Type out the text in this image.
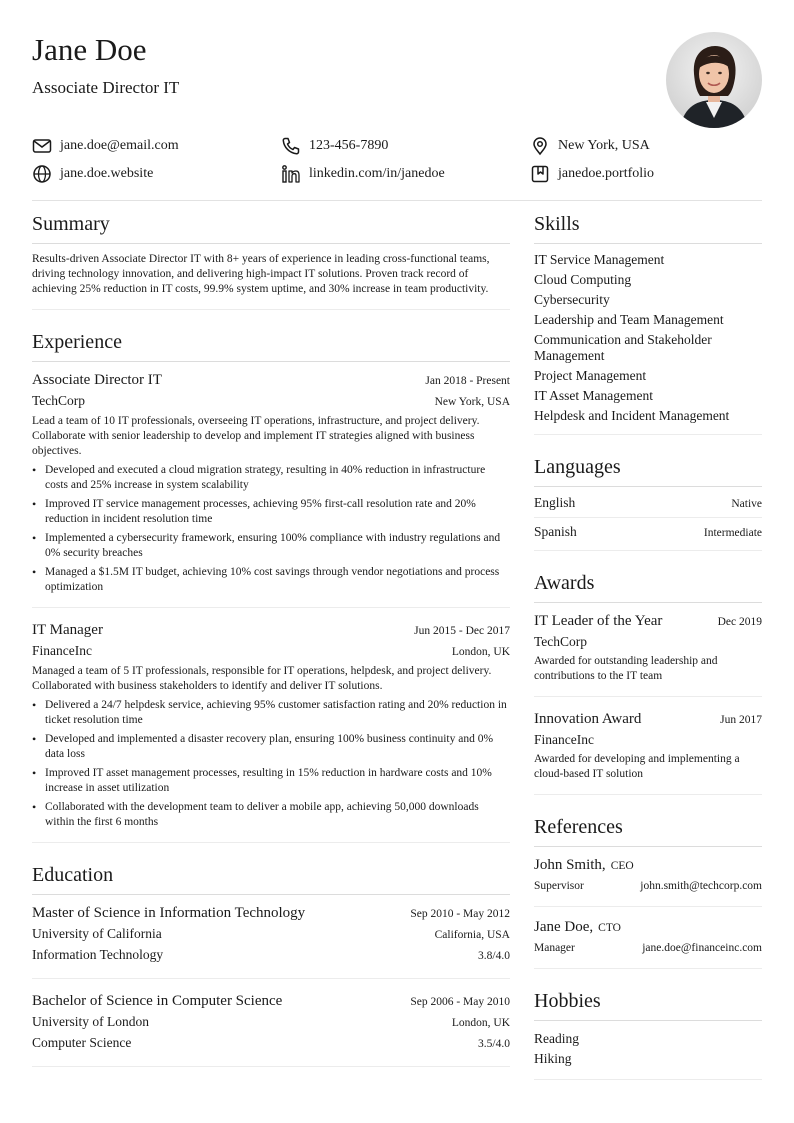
Jane Doe
Associate Director IT
jane.doe@email.com	123-456-7890	New York, USA
jane.doe.website	linkedin.com/in/janedoe	janedoe.portfolio
Summary
Results-driven Associate Director IT with 8+ years of experience in leading cross-functional teams, driving technology innovation, and delivering high-impact IT solutions. Proven track record of achieving 25% reduction in IT costs, 99.9% system uptime, and 30% increase in team productivity.
Experience
Associate Director IT	Jan 2018 - Present
TechCorp	New York, USA
Lead a team of 10 IT professionals, overseeing IT operations, infrastructure, and project delivery. Collaborate with senior leadership to develop and implement IT strategies aligned with business objectives.
• Developed and executed a cloud migration strategy, resulting in 40% reduction in infrastructure costs and 25% increase in system scalability
• Improved IT service management processes, achieving 95% first-call resolution rate and 20% reduction in incident resolution time
• Implemented a cybersecurity framework, ensuring 100% compliance with industry regulations and 0% security breaches
• Managed a $1.5M IT budget, achieving 10% cost savings through vendor negotiations and process optimization
IT Manager	Jun 2015 - Dec 2017
FinanceInc	London, UK
Managed a team of 5 IT professionals, responsible for IT operations, helpdesk, and project delivery. Collaborated with business stakeholders to identify and deliver IT solutions.
• Delivered a 24/7 helpdesk service, achieving 95% customer satisfaction rating and 20% reduction in ticket resolution time
• Developed and implemented a disaster recovery plan, ensuring 100% business continuity and 0% data loss
• Improved IT asset management processes, resulting in 15% reduction in hardware costs and 10% increase in asset utilization
• Collaborated with the development team to deliver a mobile app, achieving 50,000 downloads within the first 6 months
Education
Master of Science in Information Technology	Sep 2010 - May 2012
University of California	California, USA
Information Technology	3.8/4.0
Bachelor of Science in Computer Science	Sep 2006 - May 2010
University of London	London, UK
Computer Science	3.5/4.0
Skills
IT Service Management
Cloud Computing
Cybersecurity
Leadership and Team Management
Communication and Stakeholder Management
Project Management
IT Asset Management
Helpdesk and Incident Management
Languages
English	Native
Spanish	Intermediate
Awards
IT Leader of the Year	Dec 2019
TechCorp
Awarded for outstanding leadership and contributions to the IT team
Innovation Award	Jun 2017
FinanceInc
Awarded for developing and implementing a cloud-based IT solution
References
John Smith, CEO
Supervisor	john.smith@techcorp.com
Jane Doe, CTO
Manager	jane.doe@financeinc.com
Hobbies
Reading
Hiking
